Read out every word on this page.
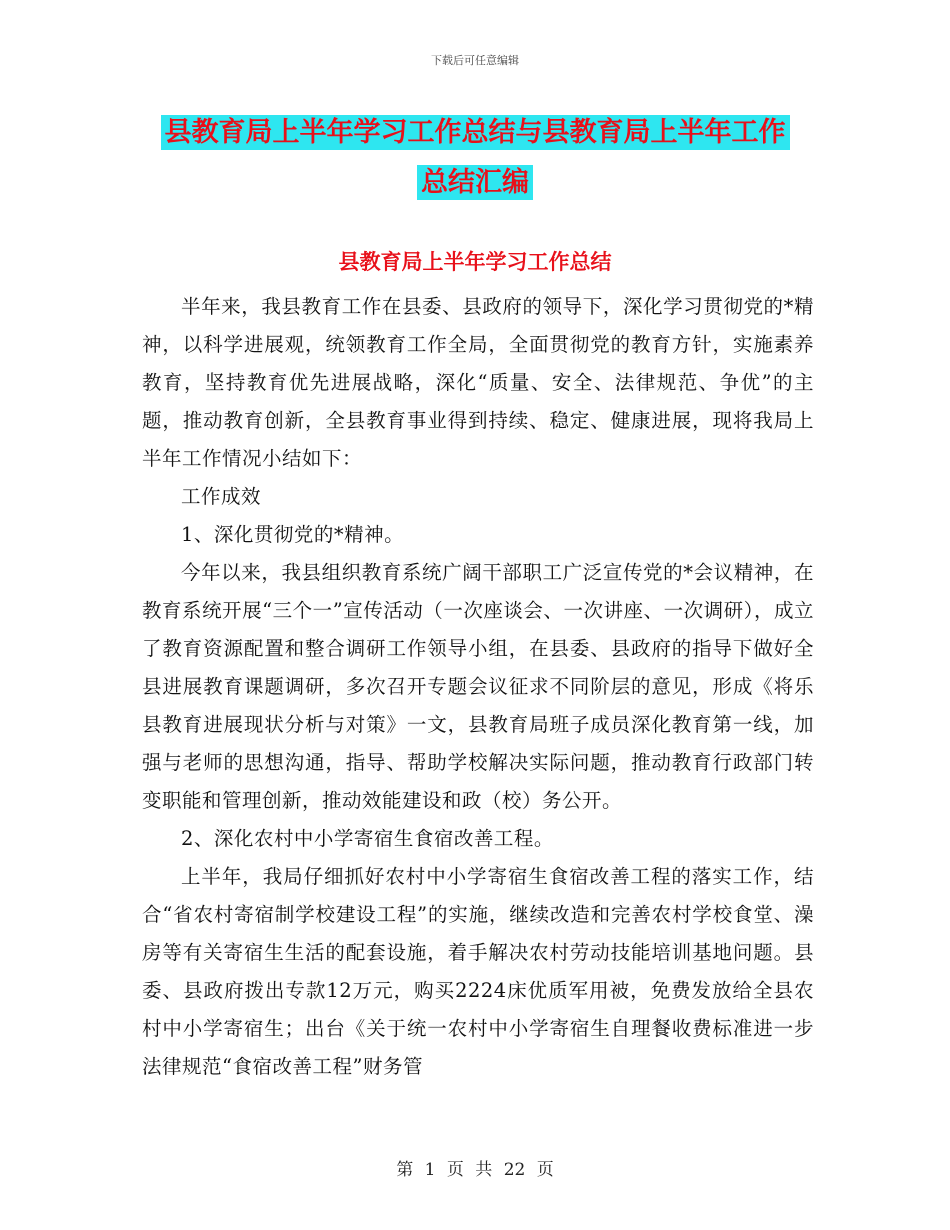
下载后可任意编辑
县教育局上半年学习工作总结与县教育局上半年工作
总结汇编
县教育局上半年学习工作总结

半年来，我县教育工作在县委、县政府的领导下，深化学习贯彻党的*精神，以科学进展观，统领教育工作全局，全面贯彻党的教育方针，实施素养教育，坚持教育优先进展战略，深化“质量、安全、法律规范、争优”的主题，推动教育创新，全县教育事业得到持续、稳定、健康进展，现将我局上半年工作情况小结如下：

工作成效

1、深化贯彻党的*精神。

今年以来，我县组织教育系统广阔干部职工广泛宣传党的*会议精神，在教育系统开展“三个一”宣传活动（一次座谈会、一次讲座、一次调研），成立了教育资源配置和整合调研工作领导小组，在县委、县政府的指导下做好全县进展教育课题调研，多次召开专题会议征求不同阶层的意见，形成《将乐县教育进展现状分析与对策》一文，县教育局班子成员深化教育第一线，加强与老师的思想沟通，指导、帮助学校解决实际问题，推动教育行政部门转变职能和管理创新，推动效能建设和政（校）务公开。

2、深化农村中小学寄宿生食宿改善工程。

上半年，我局仔细抓好农村中小学寄宿生食宿改善工程的落实工作，结合“省农村寄宿制学校建设工程”的实施，继续改造和完善农村学校食堂、澡房等有关寄宿生生活的配套设施，着手解决农村劳动技能培训基地问题。县委、县政府拨出专款12万元，购买2224床优质军用被，免费发放给全县农村中小学寄宿生；出台《关于统一农村中小学寄宿生自理餐收费标准进一步法律规范“食宿改善工程”财务管

第 1 页 共 22 页
